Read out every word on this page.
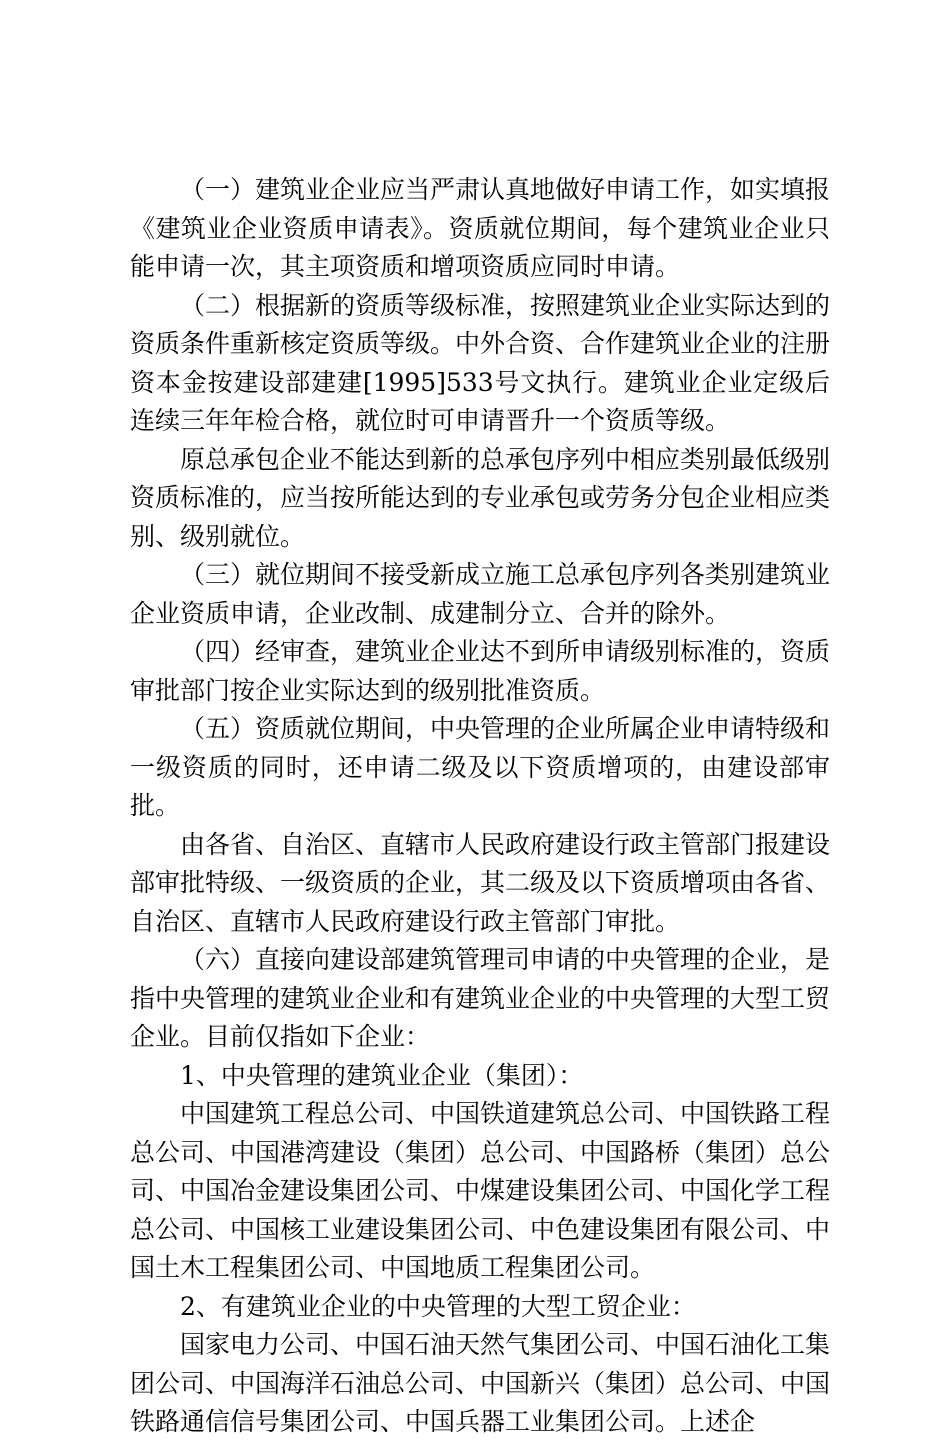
（一）建筑业企业应当严肃认真地做好申请工作，如实填报《建筑业企业资质申请表》。资质就位期间，每个建筑业企业只能申请一次，其主项资质和增项资质应同时申请。

（二）根据新的资质等级标准，按照建筑业企业实际达到的资质条件重新核定资质等级。中外合资、合作建筑业企业的注册资本金按建设部建建[1995]533号文执行。建筑业企业定级后连续三年年检合格，就位时可申请晋升一个资质等级。

原总承包企业不能达到新的总承包序列中相应类别最低级别资质标准的，应当按所能达到的专业承包或劳务分包企业相应类别、级别就位。

（三）就位期间不接受新成立施工总承包序列各类别建筑业企业资质申请，企业改制、成建制分立、合并的除外。

（四）经审查，建筑业企业达不到所申请级别标准的，资质审批部门按企业实际达到的级别批准资质。

（五）资质就位期间，中央管理的企业所属企业申请特级和一级资质的同时，还申请二级及以下资质增项的，由建设部审批。

由各省、自治区、直辖市人民政府建设行政主管部门报建设部审批特级、一级资质的企业，其二级及以下资质增项由各省、自治区、直辖市人民政府建设行政主管部门审批。

（六）直接向建设部建筑管理司申请的中央管理的企业，是指中央管理的建筑业企业和有建筑业企业的中央管理的大型工贸企业。目前仅指如下企业：

1、中央管理的建筑业企业（集团）：

中国建筑工程总公司、中国铁道建筑总公司、中国铁路工程总公司、中国港湾建设（集团）总公司、中国路桥（集团）总公司、中国冶金建设集团公司、中煤建设集团公司、中国化学工程总公司、中国核工业建设集团公司、中色建设集团有限公司、中国土木工程集团公司、中国地质工程集团公司。

2、有建筑业企业的中央管理的大型工贸企业：

国家电力公司、中国石油天然气集团公司、中国石油化工集团公司、中国海洋石油总公司、中国新兴（集团）总公司、中国铁路通信信号集团公司、中国兵器工业集团公司。上述企
